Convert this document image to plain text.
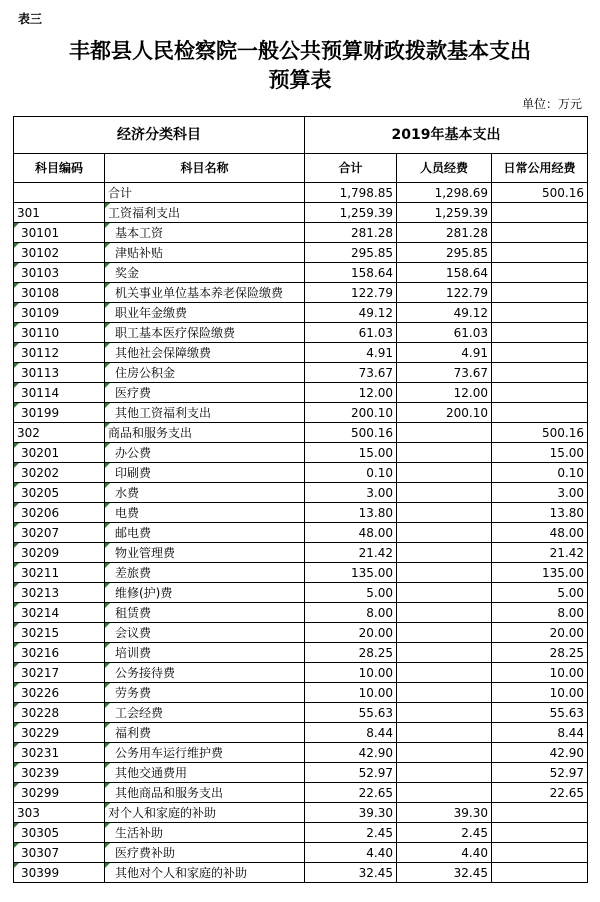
表三
丰都县人民检察院一般公共预算财政拨款基本支出
预算表
单位：万元
经济分类科目		2019年基本支出		
科目编码	科目名称	合计	人员经费	日常公用经费
	合计	1,798.85	1,298.69	500.16
301	工资福利支出	1,259.39	1,259.39	
30101	基本工资	281.28	281.28	
30102	津贴补贴	295.85	295.85	
30103	奖金	158.64	158.64	
30108	机关事业单位基本养老保险缴费	122.79	122.79	
30109	职业年金缴费	49.12	49.12	
30110	职工基本医疗保险缴费	61.03	61.03	
30112	其他社会保障缴费	4.91	4.91	
30113	住房公积金	73.67	73.67	
30114	医疗费	12.00	12.00	
30199	其他工资福利支出	200.10	200.10	
302	商品和服务支出	500.16		500.16
30201	办公费	15.00		15.00
30202	印刷费	0.10		0.10
30205	水费	3.00		3.00
30206	电费	13.80		13.80
30207	邮电费	48.00		48.00
30209	物业管理费	21.42		21.42
30211	差旅费	135.00		135.00
30213	维修(护)费	5.00		5.00
30214	租赁费	8.00		8.00
30215	会议费	20.00		20.00
30216	培训费	28.25		28.25
30217	公务接待费	10.00		10.00
30226	劳务费	10.00		10.00
30228	工会经费	55.63		55.63
30229	福利费	8.44		8.44
30231	公务用车运行维护费	42.90		42.90
30239	其他交通费用	52.97		52.97
30299	其他商品和服务支出	22.65		22.65
303	对个人和家庭的补助	39.30	39.30	
30305	生活补助	2.45	2.45	
30307	医疗费补助	4.40	4.40	
30399	其他对个人和家庭的补助	32.45	32.45	
